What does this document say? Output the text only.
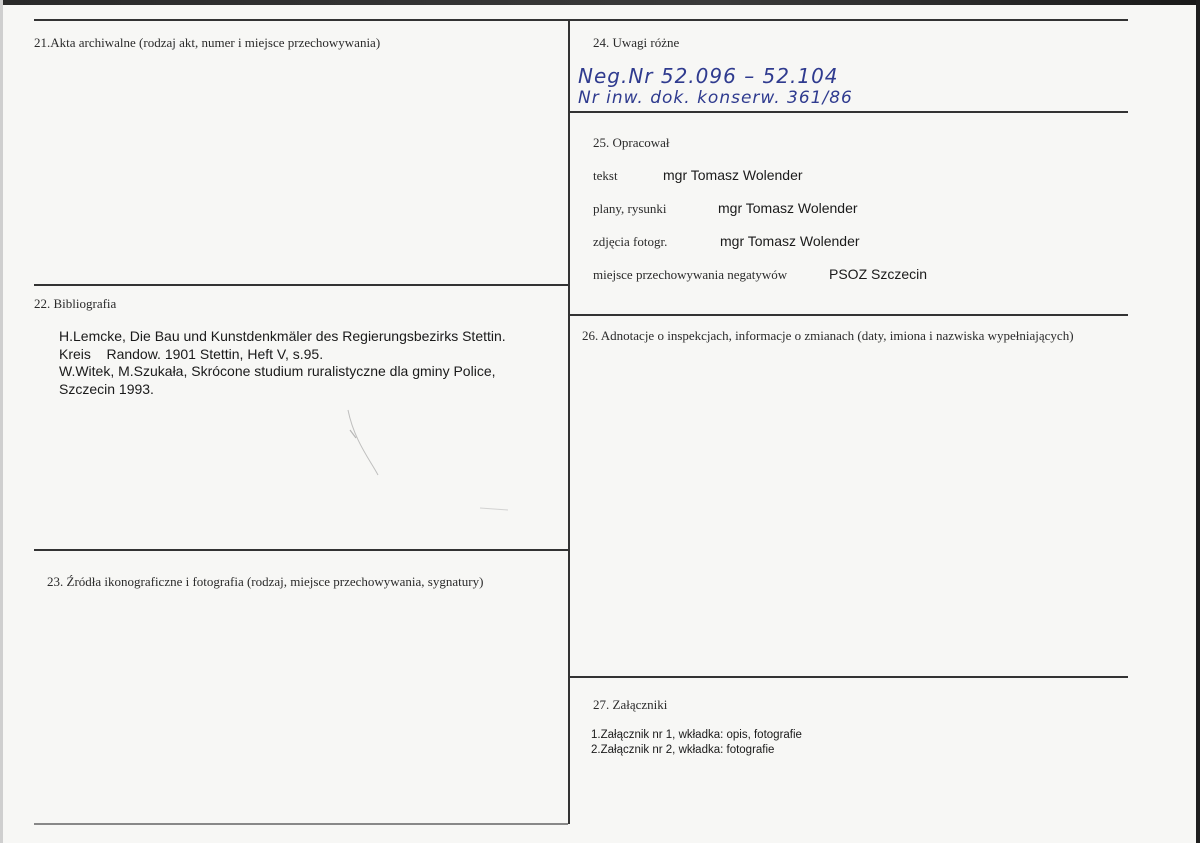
21.Akta archiwalne (rodzaj akt, numer i miejsce przechowywania)
22. Bibliografia
H.Lemcke, Die Bau und Kunstdenkmäler des Regierungsbezirks Stettin.
Kreis    Randow. 1901 Stettin, Heft V, s.95.
W.Witek, M.Szukała, Skrócone studium ruralistyczne dla gminy Police,
Szczecin 1993.
23. Źródła ikonograficzne i fotografia (rodzaj, miejsce przechowywania, sygnatury)
24. Uwagi różne
Neg.Nr 52.096 – 52.104
Nr inw. dok. konserw. 361/86
25. Opracował
tekst	mgr Tomasz Wolender
plany, rysunki	mgr Tomasz Wolender
zdjęcia fotogr.	mgr Tomasz Wolender
miejsce przechowywania negatywów	PSOZ Szczecin
26. Adnotacje o inspekcjach, informacje o zmianach (daty, imiona i nazwiska wypełniających)
27. Załączniki
1.Załącznik nr 1, wkładka: opis, fotografie
2.Załącznik nr 2, wkładka: fotografie
